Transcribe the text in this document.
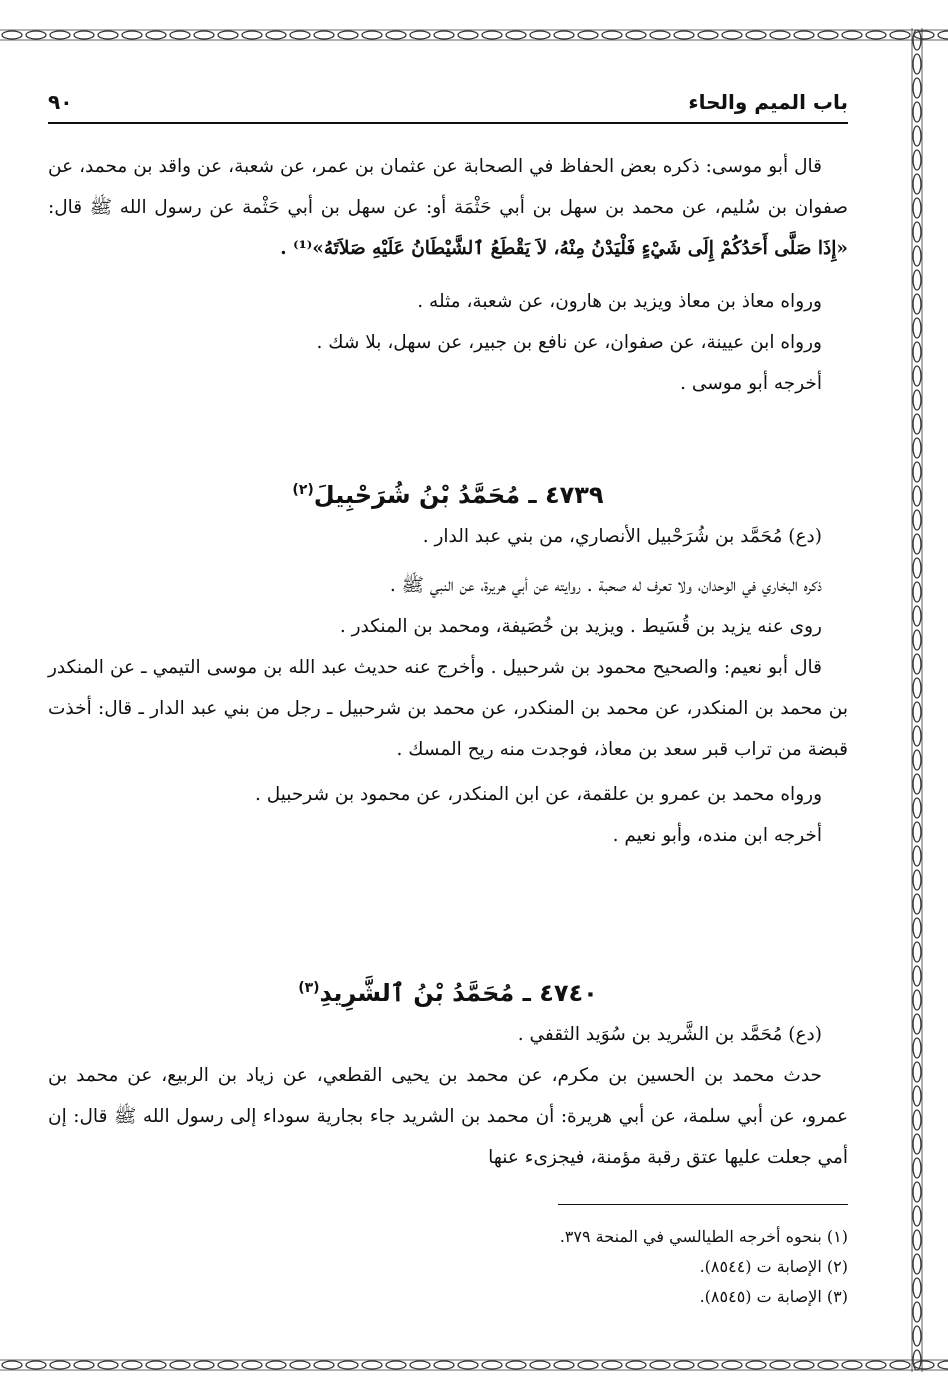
باب الميم والحاء
٩٠

قال أبو موسى: ذكره بعض الحفاظ في الصحابة عن عثمان بن عمر، عن شعبة، عن واقد بن محمد، عن صفوان بن سُليم، عن محمد بن سهل بن أبي حَثْمَة أو: عن سهل بن أبي حَثْمة عن رسول الله ﷺ قال: «إِذَا صَلَّى أَحَدُكُمْ إِلَى شَيْءٍ فَلْيَدْنُ مِنْهُ، لاَ يَقْطَعُ ٱلشَّيْطَانُ عَلَيْهِ صَلاَتَهُ»⁽¹⁾ .

ورواه معاذ بن معاذ ويزيد بن هارون، عن شعبة، مثله .

ورواه ابن عيينة، عن صفوان، عن نافع بن جبير، عن سهل، بلا شك .

أخرجه أبو موسى .

٤٧٣٩ ـ مُحَمَّدُ بْنُ شُرَحْبِيلَ$^{(٢)}$

(دع) مُحَمَّد بن شُرَحْبيل الأنصاري، من بني عبد الدار .

ذكره البخاري في الوحدان، ولا تعرف له صحبة . روايته عن أبي هريرة، عن النبي ﷺ .

روى عنه يزيد بن قُسَيط . ويزيد بن خُصَيفة، ومحمد بن المنكدر .

قال أبو نعيم: والصحيح محمود بن شرحبيل . وأخرج عنه حديث عبد الله بن موسى التيمي ـ عن المنكدر بن محمد بن المنكدر، عن محمد بن المنكدر، عن محمد بن شرحبيل ـ رجل من بني عبد الدار ـ قال: أخذت قبضة من تراب قبر سعد بن معاذ، فوجدت منه ريح المسك .

ورواه محمد بن عمرو بن علقمة، عن ابن المنكدر، عن محمود بن شرحبيل .

أخرجه ابن منده، وأبو نعيم .

٤٧٤٠ ـ مُحَمَّدُ بْنُ ٱلشَّرِيدِ$^{(٣)}$

(دع) مُحَمَّد بن الشَّريد بن سُوَيد الثقفي .

حدث محمد بن الحسين بن مكرم، عن محمد بن يحيى القطعي، عن زياد بن الربيع، عن محمد بن عمرو، عن أبي سلمة، عن أبي هريرة: أن محمد بن الشريد جاء بجارية سوداء إلى رسول الله ﷺ قال: إن أمي جعلت عليها عتق رقبة مؤمنة، فيجزىء عنها

(١) بنحوه أخرجه الطيالسي في المنحة ٣٧٩.
(٢) الإصابة ت (٨٥٤٤).
(٣) الإصابة ت (٨٥٤٥).
